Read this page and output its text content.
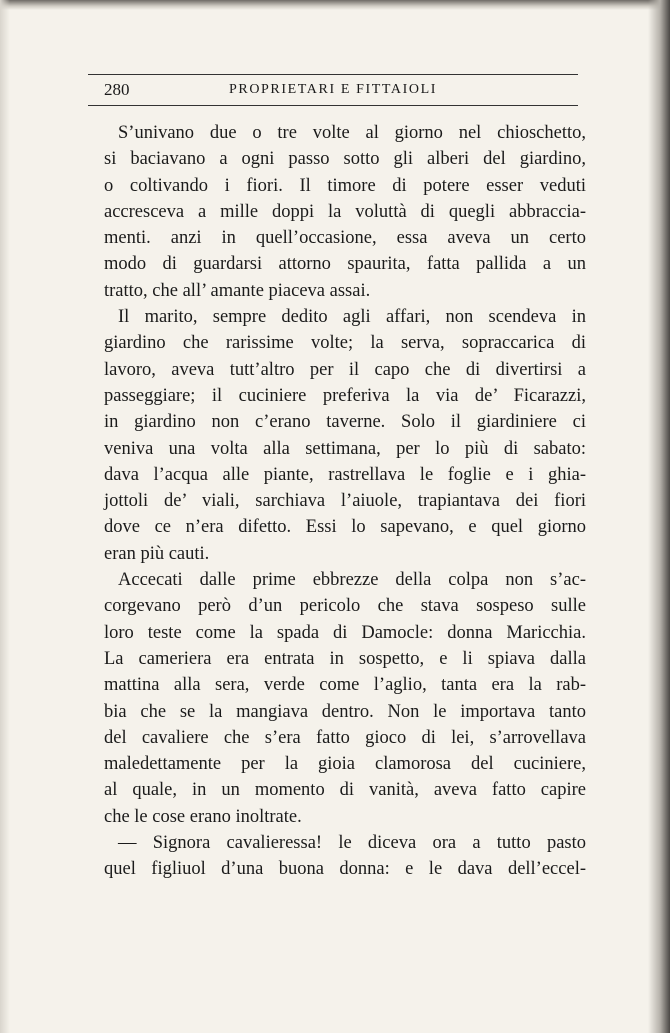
280	PROPRIETARI E FITTAIOLI
S’univano due o tre volte al giorno nel chioschetto,
si baciavano a ogni passo sotto gli alberi del giardino,
o coltivando i fiori. Il timore di potere esser veduti
accresceva a mille doppi la voluttà di quegli abbraccia-
menti. anzi in quell’occasione, essa aveva un certo
modo di guardarsi attorno spaurita, fatta pallida a un
tratto, che all’ amante piaceva assai.
Il marito, sempre dedito agli affari, non scendeva in
giardino che rarissime volte; la serva, sopraccarica di
lavoro, aveva tutt’altro per il capo che di divertirsi a
passeggiare; il cuciniere preferiva la via de’ Ficarazzi,
in giardino non c’erano taverne. Solo il giardiniere ci
veniva una volta alla settimana, per lo più di sabato:
dava l’acqua alle piante, rastrellava le foglie e i ghia-
jottoli de’ viali, sarchiava l’aiuole, trapiantava dei fiori
dove ce n’era difetto. Essi lo sapevano, e quel giorno
eran più cauti.
Accecati dalle prime ebbrezze della colpa non s’ac-
corgevano però d’un pericolo che stava sospeso sulle
loro teste come la spada di Damocle: donna Maricchia.
La cameriera era entrata in sospetto, e li spiava dalla
mattina alla sera, verde come l’aglio, tanta era la rab-
bia che se la mangiava dentro. Non le importava tanto
del cavaliere che s’era fatto gioco di lei, s’arrovellava
maledettamente per la gioia clamorosa del cuciniere,
al quale, in un momento di vanità, aveva fatto capire
che le cose erano inoltrate.
— Signora cavalieressa! le diceva ora a tutto pasto
quel figliuol d’una buona donna: e le dava dell’eccel-
